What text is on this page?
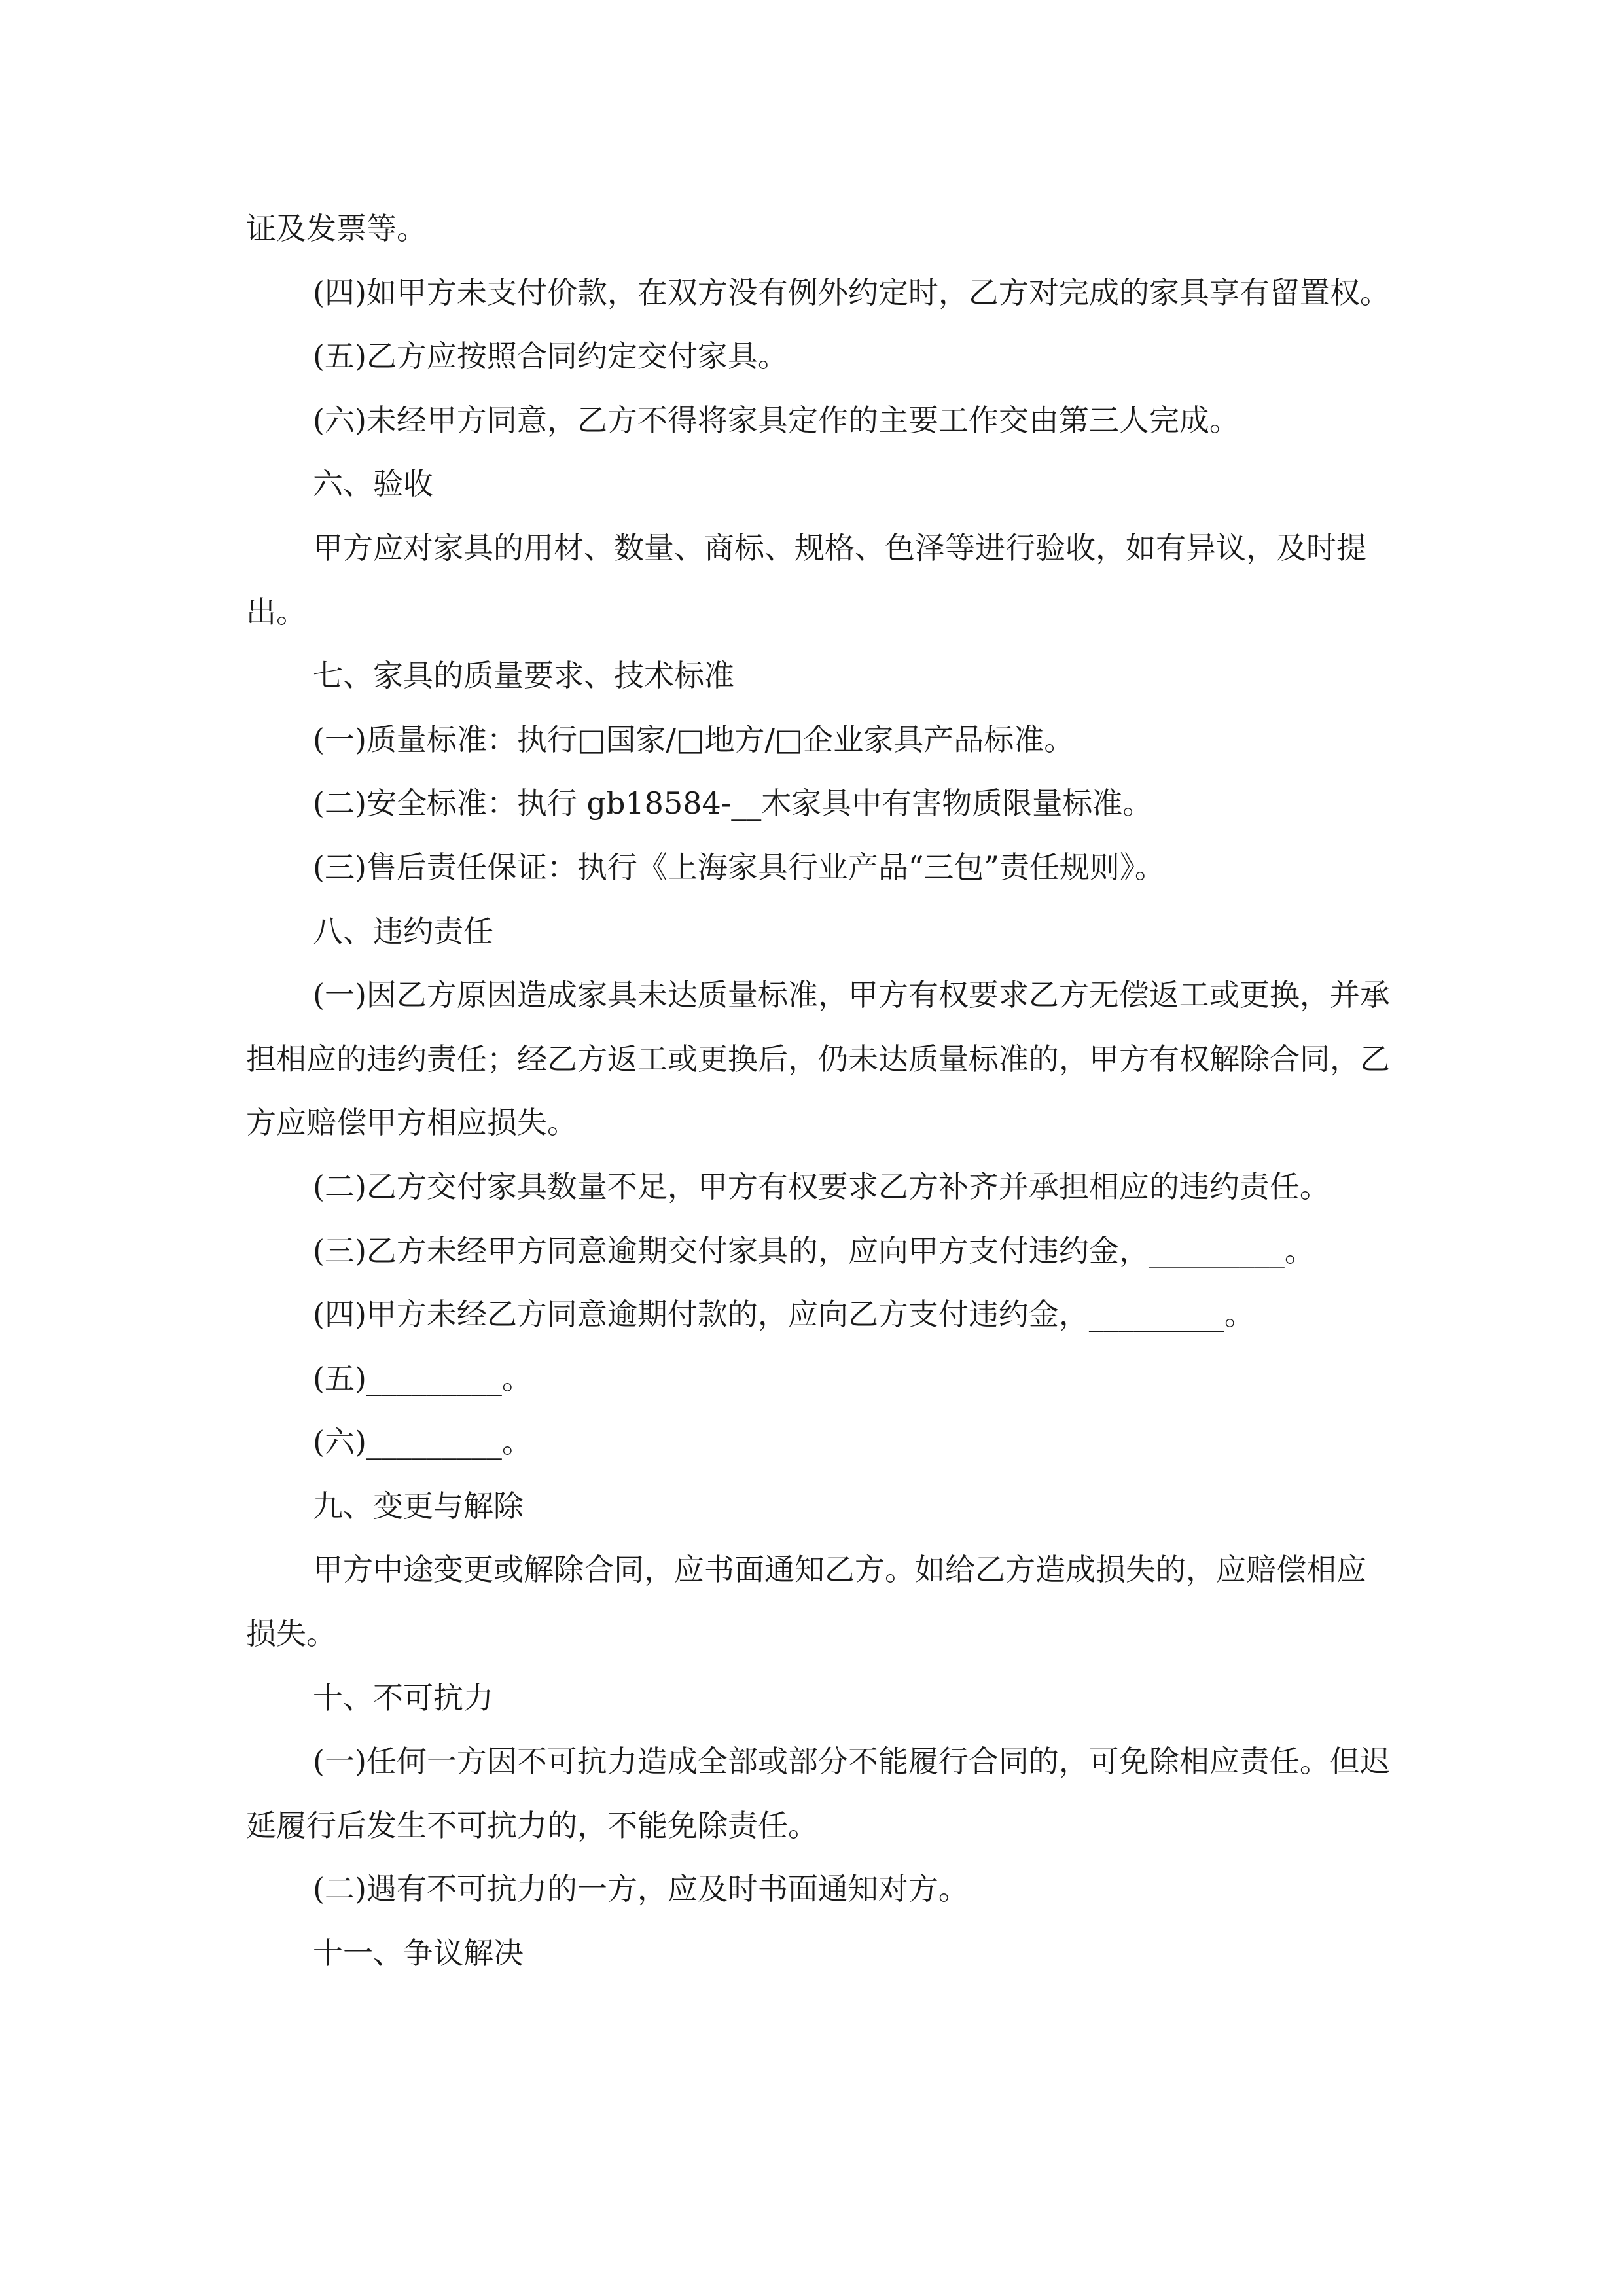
证及发票等。

(四)如甲方未支付价款，在双方没有例外约定时，乙方对完成的家具享有留置权。

(五)乙方应按照合同约定交付家具。

(六)未经甲方同意，乙方不得将家具定作的主要工作交由第三人完成。

六、验收

甲方应对家具的用材、数量、商标、规格、色泽等进行验收，如有异议，及时提出。

七、家具的质量要求、技术标准

(一)质量标准：执行□国家/□地方/□企业家具产品标准。

(二)安全标准：执行 gb18584-__木家具中有害物质限量标准。

(三)售后责任保证：执行《上海家具行业产品“三包”责任规则》。

八、违约责任

(一)因乙方原因造成家具未达质量标准，甲方有权要求乙方无偿返工或更换，并承担相应的违约责任；经乙方返工或更换后，仍未达质量标准的，甲方有权解除合同，乙方应赔偿甲方相应损失。

(二)乙方交付家具数量不足，甲方有权要求乙方补齐并承担相应的违约责任。

(三)乙方未经甲方同意逾期交付家具的，应向甲方支付违约金，_________。

(四)甲方未经乙方同意逾期付款的，应向乙方支付违约金，_________。

(五)_________。

(六)_________。

九、变更与解除

甲方中途变更或解除合同，应书面通知乙方。如给乙方造成损失的，应赔偿相应损失。

十、不可抗力

(一)任何一方因不可抗力造成全部或部分不能履行合同的，可免除相应责任。但迟延履行后发生不可抗力的，不能免除责任。

(二)遇有不可抗力的一方，应及时书面通知对方。

十一、争议解决
